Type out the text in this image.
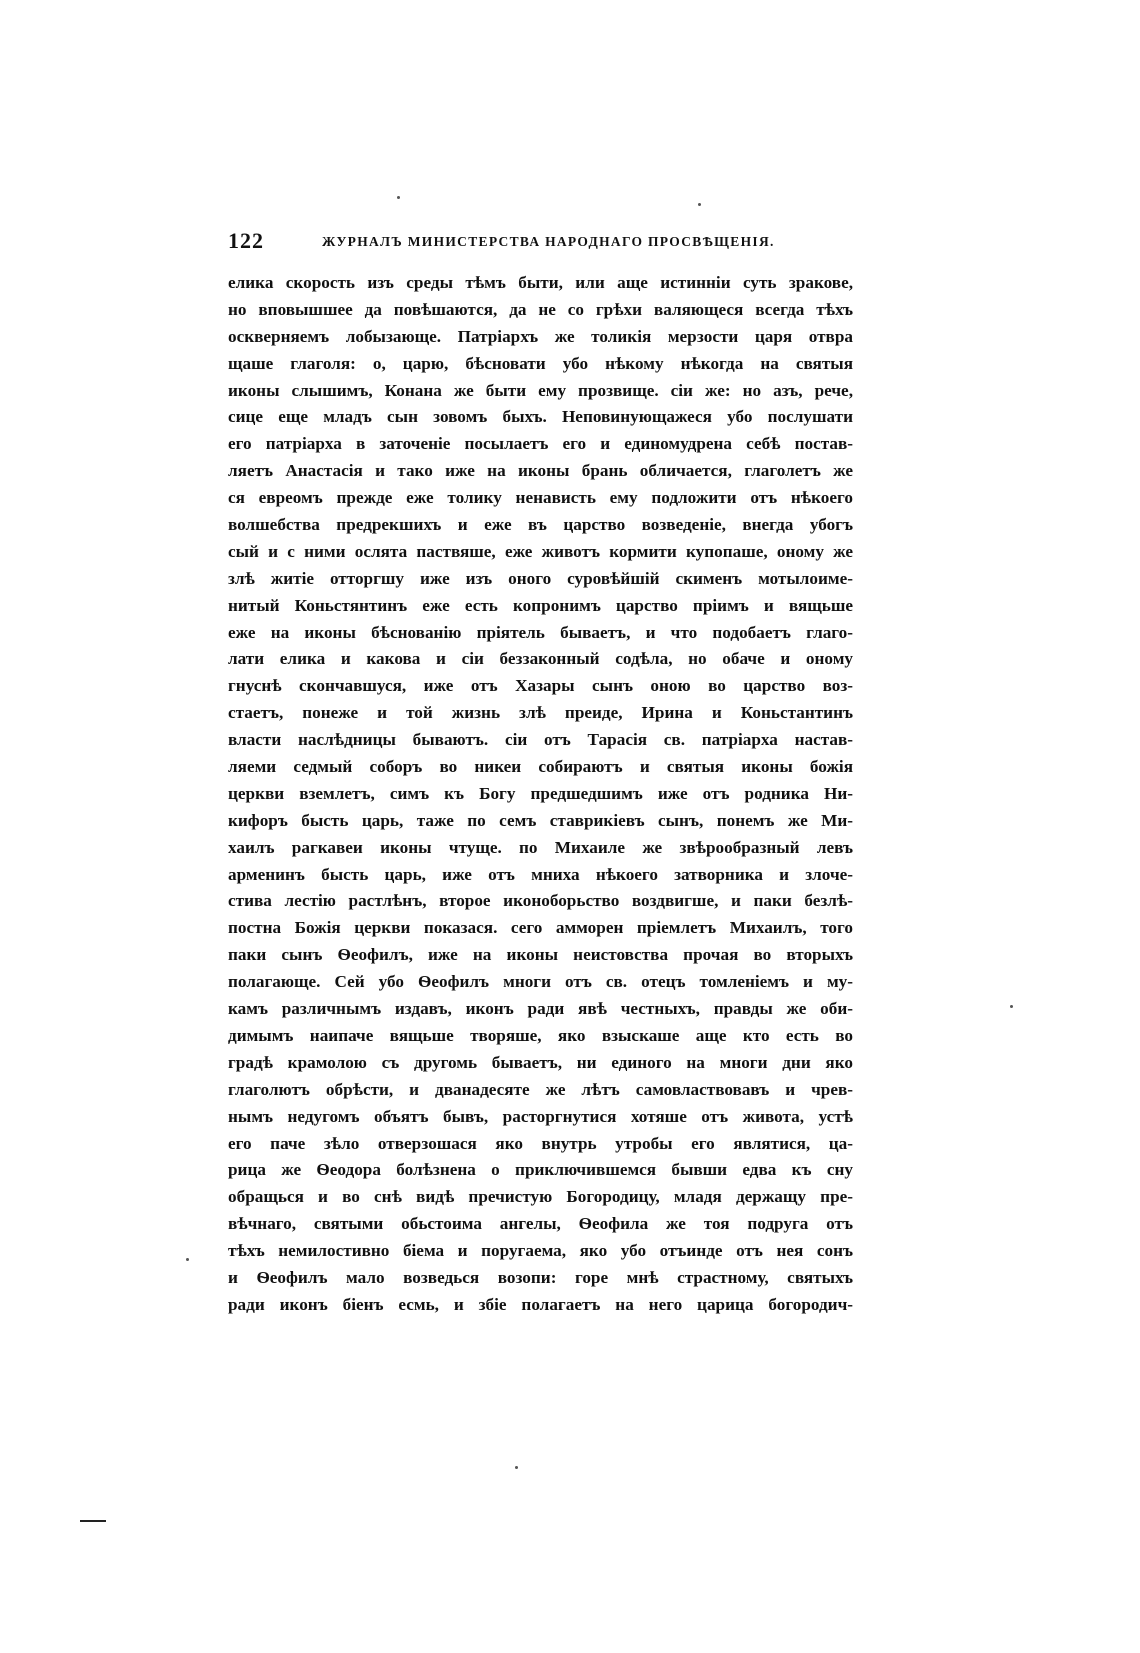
122	ЖУРНАЛЪ МИНИСТЕРСТВА НАРОДНАГО ПРОСВѢЩЕНІЯ.
елика скорость изъ среды тѣмъ быти, или аще истиннiи суть зракове,
но вповышшее да повѣшаются, да не со грѣхи валяющеся всегда тѣхъ
оскверняемъ лобызающе. Патрiархъ же толикiя мерзости царя отвра
щаше глаголя: о, царю, бѣсновати убо нѣкому нѣкогда на святыя
иконы слышимъ, Конана же быти ему прозвище. сiи же: но азъ, рече,
сице еще младъ сын зовомъ быхъ. Неповинующажеся убо послушати
его патрiарха в заточенiе посылаетъ его и единомудрена себѣ постав-
ляетъ Анастасiя и тако иже на иконы брань обличается, глаголетъ же
ся евреомъ прежде еже толику ненависть ему подложити отъ нѣкоего
волшебства предрекшихъ и еже въ царство возведенiе, внегда убогъ
сый и с ними ослята паствяше, еже животъ кормити купопаше, оному же
злѣ житiе отторгшу иже изъ оного суровѣйшiй скименъ мотылоимe-
нитый Коньстянтинъ еже есть копронимъ царство прiимъ и вящьше
еже на иконы бѣснованiю прiятель бываетъ, и что подобаетъ глаго-
лати елика и какова и сiи беззаконный содѣла, но обаче и оному
гнуснѣ скончавшуся, иже отъ Хазары сынъ оною во царство воз-
стаетъ, понеже и той жизнь злѣ преиде, Ирина и Коньстантинъ
власти наслѣдницы бываютъ. сiи отъ Тарасiя св. патрiарха настав-
ляеми седмый соборъ во никеи собираютъ и святыя иконы божiя
церкви вземлетъ, симъ къ Богу предшедшимъ иже отъ родника Ни-
кифоръ бысть царь, таже по семъ ставрикiевъ сынъ, понемъ же Ми-
хаилъ рагкавеи иконы чтуще. по Михаиле же звѣрообразный левъ
арменинъ бысть царь, иже отъ мниха нѣкоего затворника и злоче-
стива лестiю растлѣнъ, второе иконоборьство воздвигше, и паки безлѣ-
постна Божiя церкви показася. сего амморен прiемлетъ Михаилъ, того
паки сынъ Ѳеофилъ, иже на иконы неистовства прочая во вторыхъ
полагающе. Сей убо Ѳеофилъ многи отъ св. отецъ томленiемъ и му-
камъ различнымъ издавъ, иконъ ради явѣ честныхъ, правды же оби-
димымъ наипаче вящьше творяше, яко взыскаше аще кто есть во
градѣ крамолою съ другомь бываетъ, ни единого на многи дни яко
глаголютъ обрѣсти, и дванадесяте же лѣтъ самовластвовавъ и чрев-
нымъ недугомъ объятъ бывъ, расторгнутися хотяше отъ живота, устѣ
его паче зѣло отверзошася яко внутрь утробы его являтися, ца-
рица же Ѳеодора болѣзнена о приключившемся бывши едва къ сну
обращься и во снѣ видѣ пречистую Богородицу, младя держащу пре-
вѣчнаго, святыми обьстоима ангелы, Ѳеофила же тоя подруга отъ
тѣхъ немилостивно бiема и поругаема, яко убо отъинде отъ нея сонъ
и Ѳеофилъ мало возведься возопи: горе мнѣ страстному, святыхъ
ради иконъ бiенъ есмь, и збiе полагаетъ на него царица богородич-
